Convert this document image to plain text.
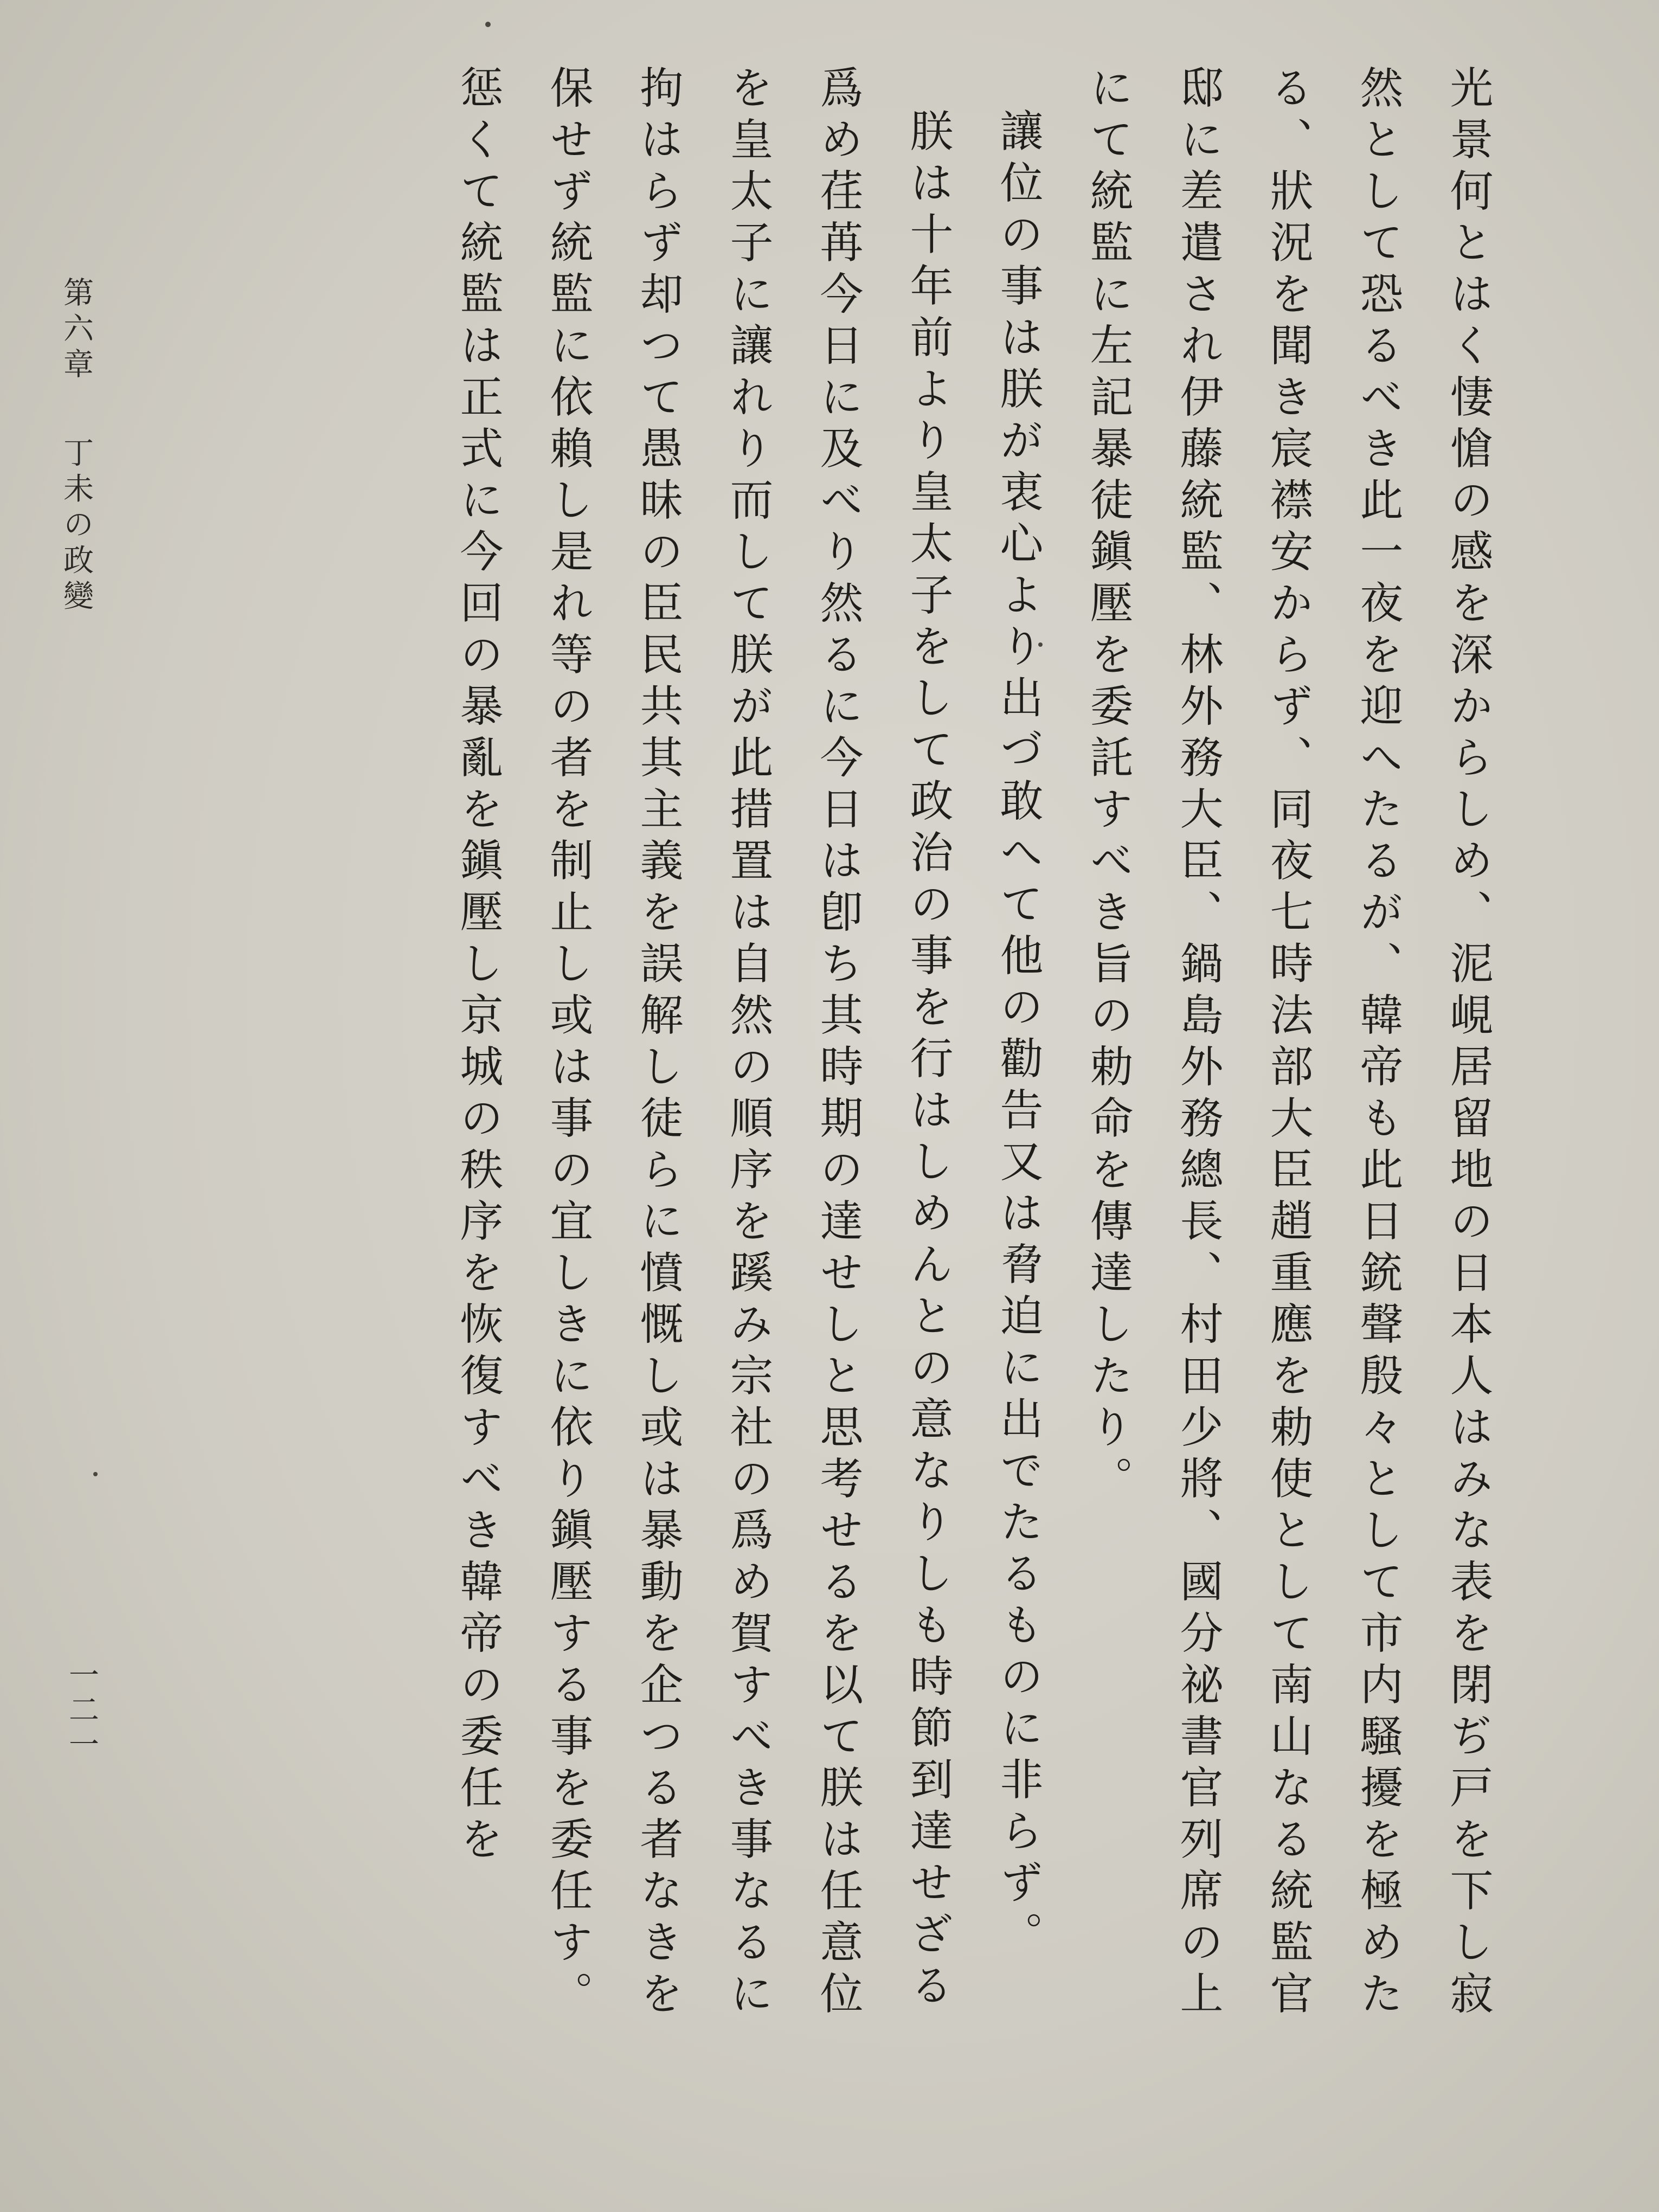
光景何とはく悽愴の感を深からしめ、泥峴居留地の日本人はみな表を閉ぢ戸を下し寂然として恐るべき此一夜を迎へたるが、韓帝も此日銃聲殷々として市内騷擾を極めたる、狀況を聞き宸襟安からず、同夜七時法部大臣趙重應を勅使として南山なる統監官邸に差遣され伊藤統監、林外務大臣、鍋島外務總長、村田少將、國分祕書官列席の上にて統監に左記暴徒鎭壓を委託すべき旨の勅命を傳達したり。

讓位の事は朕が衷心より出づ敢へて他の勸告又は脅迫に出でたるものに非らず。

朕は十年前より皇太子をして政治の事を行はしめんとの意なりしも時節到達せざる爲め荏苒今日に及べり然るに今日は卽ち其時期の達せしと思考せるを以て朕は任意位を皇太子に讓れり而して朕が此措置は自然の順序を蹊み宗社の爲め賀すべき事なるに拘はらず却つて愚昧の臣民共其主義を誤解し徒らに憤慨し或は暴動を企つる者なきを保せず統監に依賴し是れ等の者を制止し或は事の宜しきに依り鎭壓する事を委任す。

惩くて統監は正式に今回の暴亂を鎭壓し京城の秩序を恢復すべき韓帝の委任を

第六章 丁未の政變
一二一
